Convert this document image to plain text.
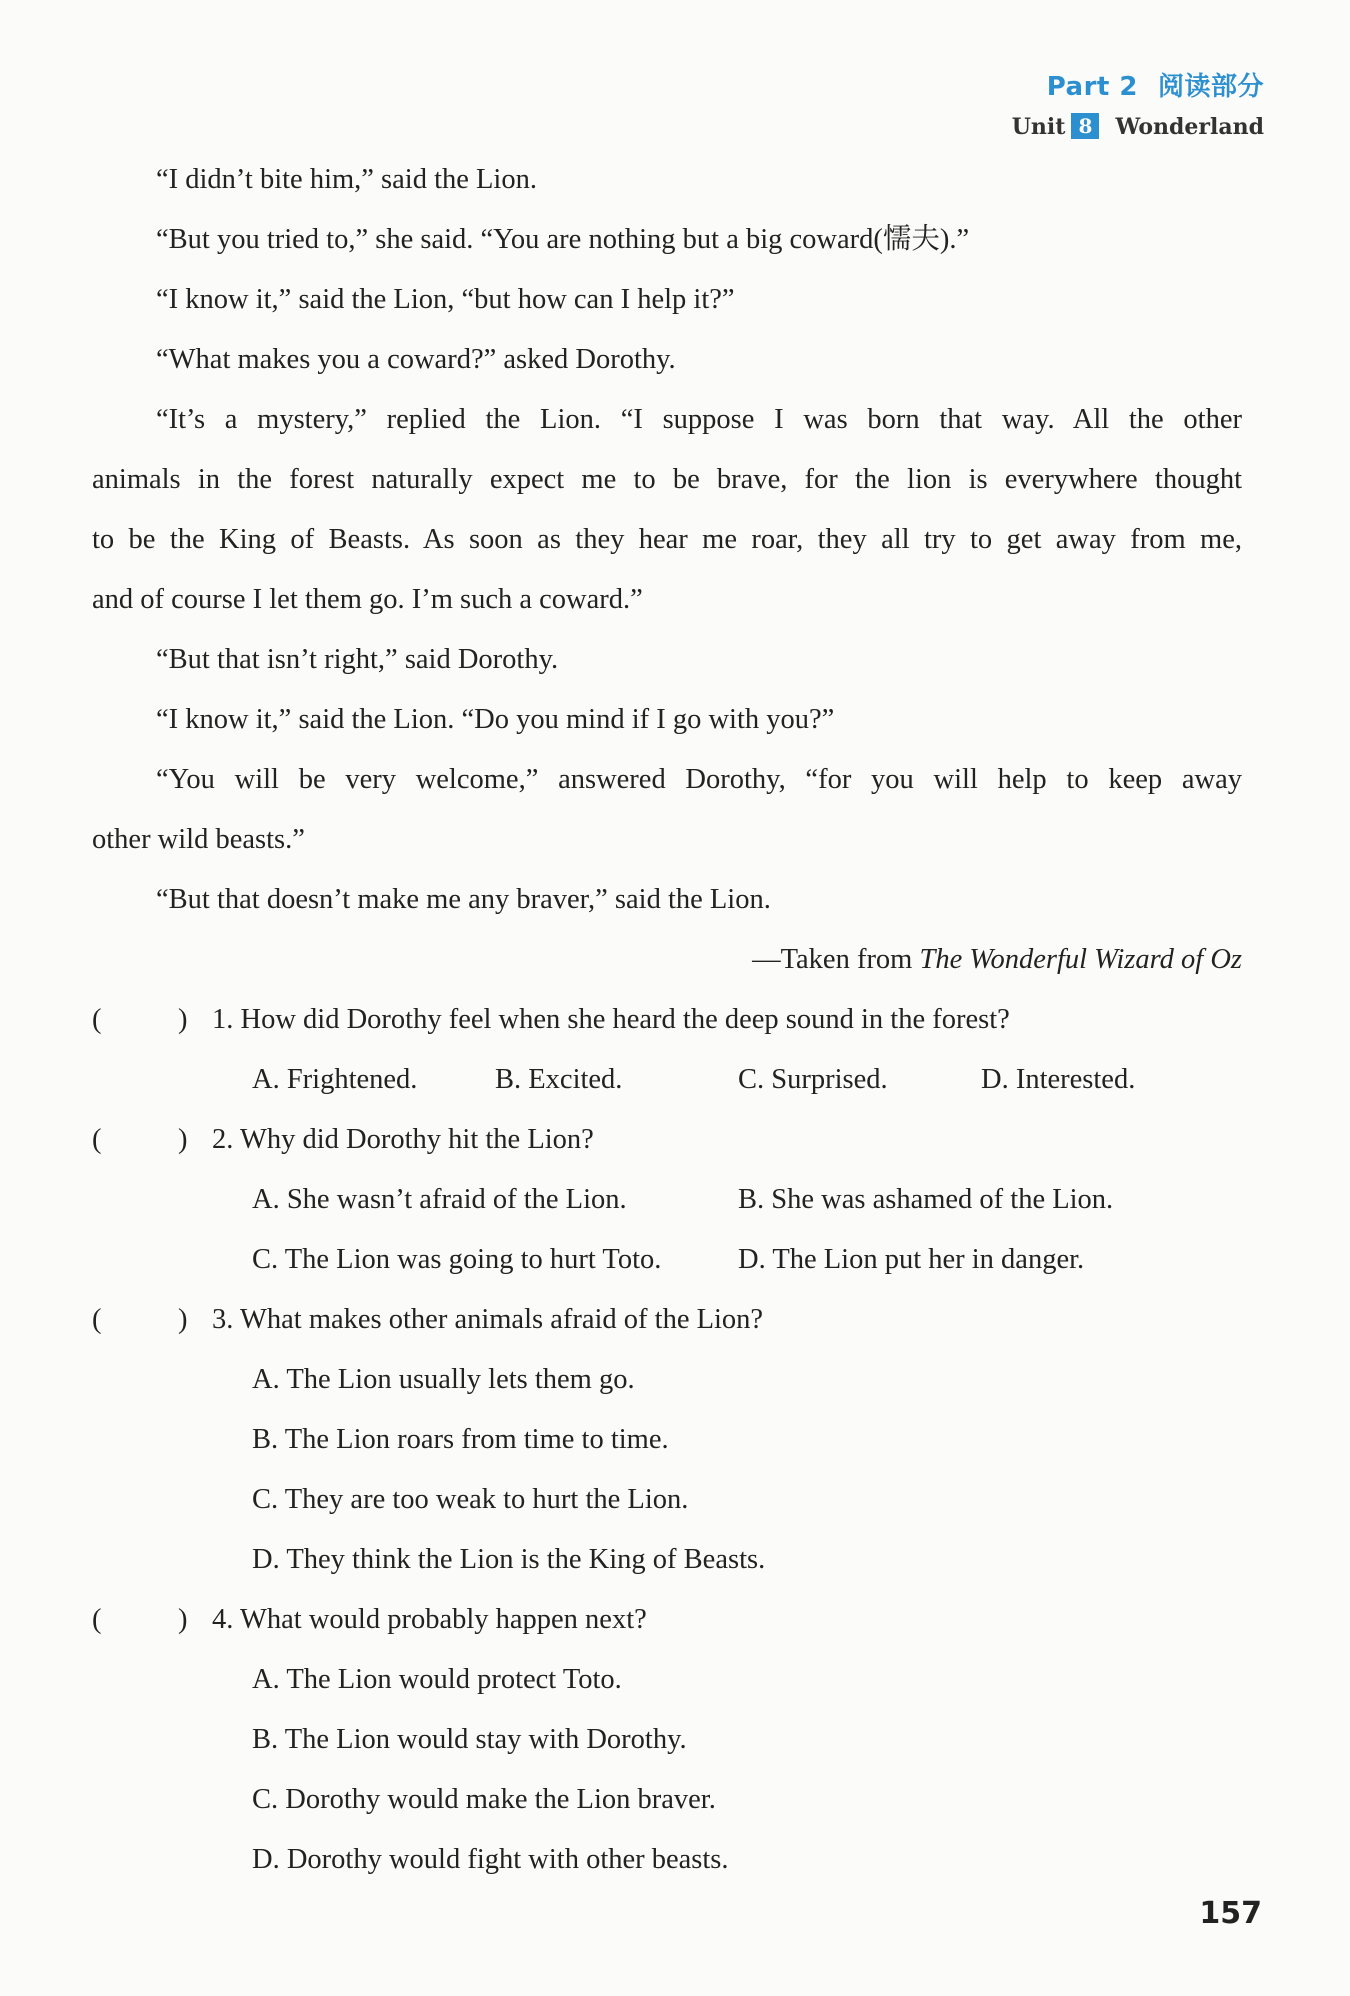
Part 2 阅读部分
Unit 8 Wonderland
“I didn’t bite him,” said the Lion.
“But you tried to,” she said. “You are nothing but a big coward(懦夫).”
“I know it,” said the Lion, “but how can I help it?”
“What makes you a coward?” asked Dorothy.
“It’s a mystery,” replied the Lion. “I suppose I was born that way. All the other
animals in the forest naturally expect me to be brave, for the lion is everywhere thought
to be the King of Beasts. As soon as they hear me roar, they all try to get away from me,
and of course I let them go. I’m such a coward.”
“But that isn’t right,” said Dorothy.
“I know it,” said the Lion. “Do you mind if I go with you?”
“You will be very welcome,” answered Dorothy, “for you will help to keep away
other wild beasts.”
“But that doesn’t make me any braver,” said the Lion.
—Taken from The Wonderful Wizard of Oz
(	) 1. How did Dorothy feel when she heard the deep sound in the forest?
A. Frightened.	B. Excited.	C. Surprised.	D. Interested.
(	) 2. Why did Dorothy hit the Lion?
A. She wasn’t afraid of the Lion.	B. She was ashamed of the Lion.
C. The Lion was going to hurt Toto.	D. The Lion put her in danger.
(	) 3. What makes other animals afraid of the Lion?
A. The Lion usually lets them go.
B. The Lion roars from time to time.
C. They are too weak to hurt the Lion.
D. They think the Lion is the King of Beasts.
(	) 4. What would probably happen next?
A. The Lion would protect Toto.
B. The Lion would stay with Dorothy.
C. Dorothy would make the Lion braver.
D. Dorothy would fight with other beasts.
157
